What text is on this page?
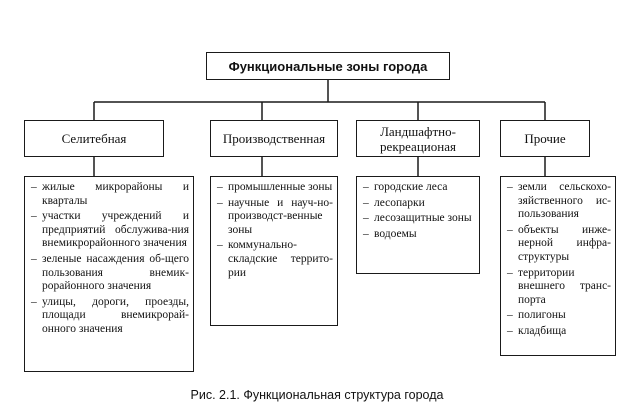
Функциональные зоны города
Селитебная	Производственная	Ландшафтно-рекреационая	Прочие
– жилые микрорайоны и кварталы
– участки учреждений и предприятий обслужива-ния внемикрорайонного значения
– зеленые насаждения об-щего пользования внемик-рорайонного значения
– улицы, дороги, проезды, площади внемикрорай-онного значения
– промышленные зоны
– научные и науч-но-производст-венные зоны
– коммунально-складские террито-рии
– городские леса
– лесопарки
– лесозащитные зоны
– водоемы
– земли сельскохо-зяйственного ис-пользования
– объекты инже-нерной инфра-структуры
– территории внешнего транс-порта
– полигоны
– кладбища
Рис. 2.1. Функциональная структура города
